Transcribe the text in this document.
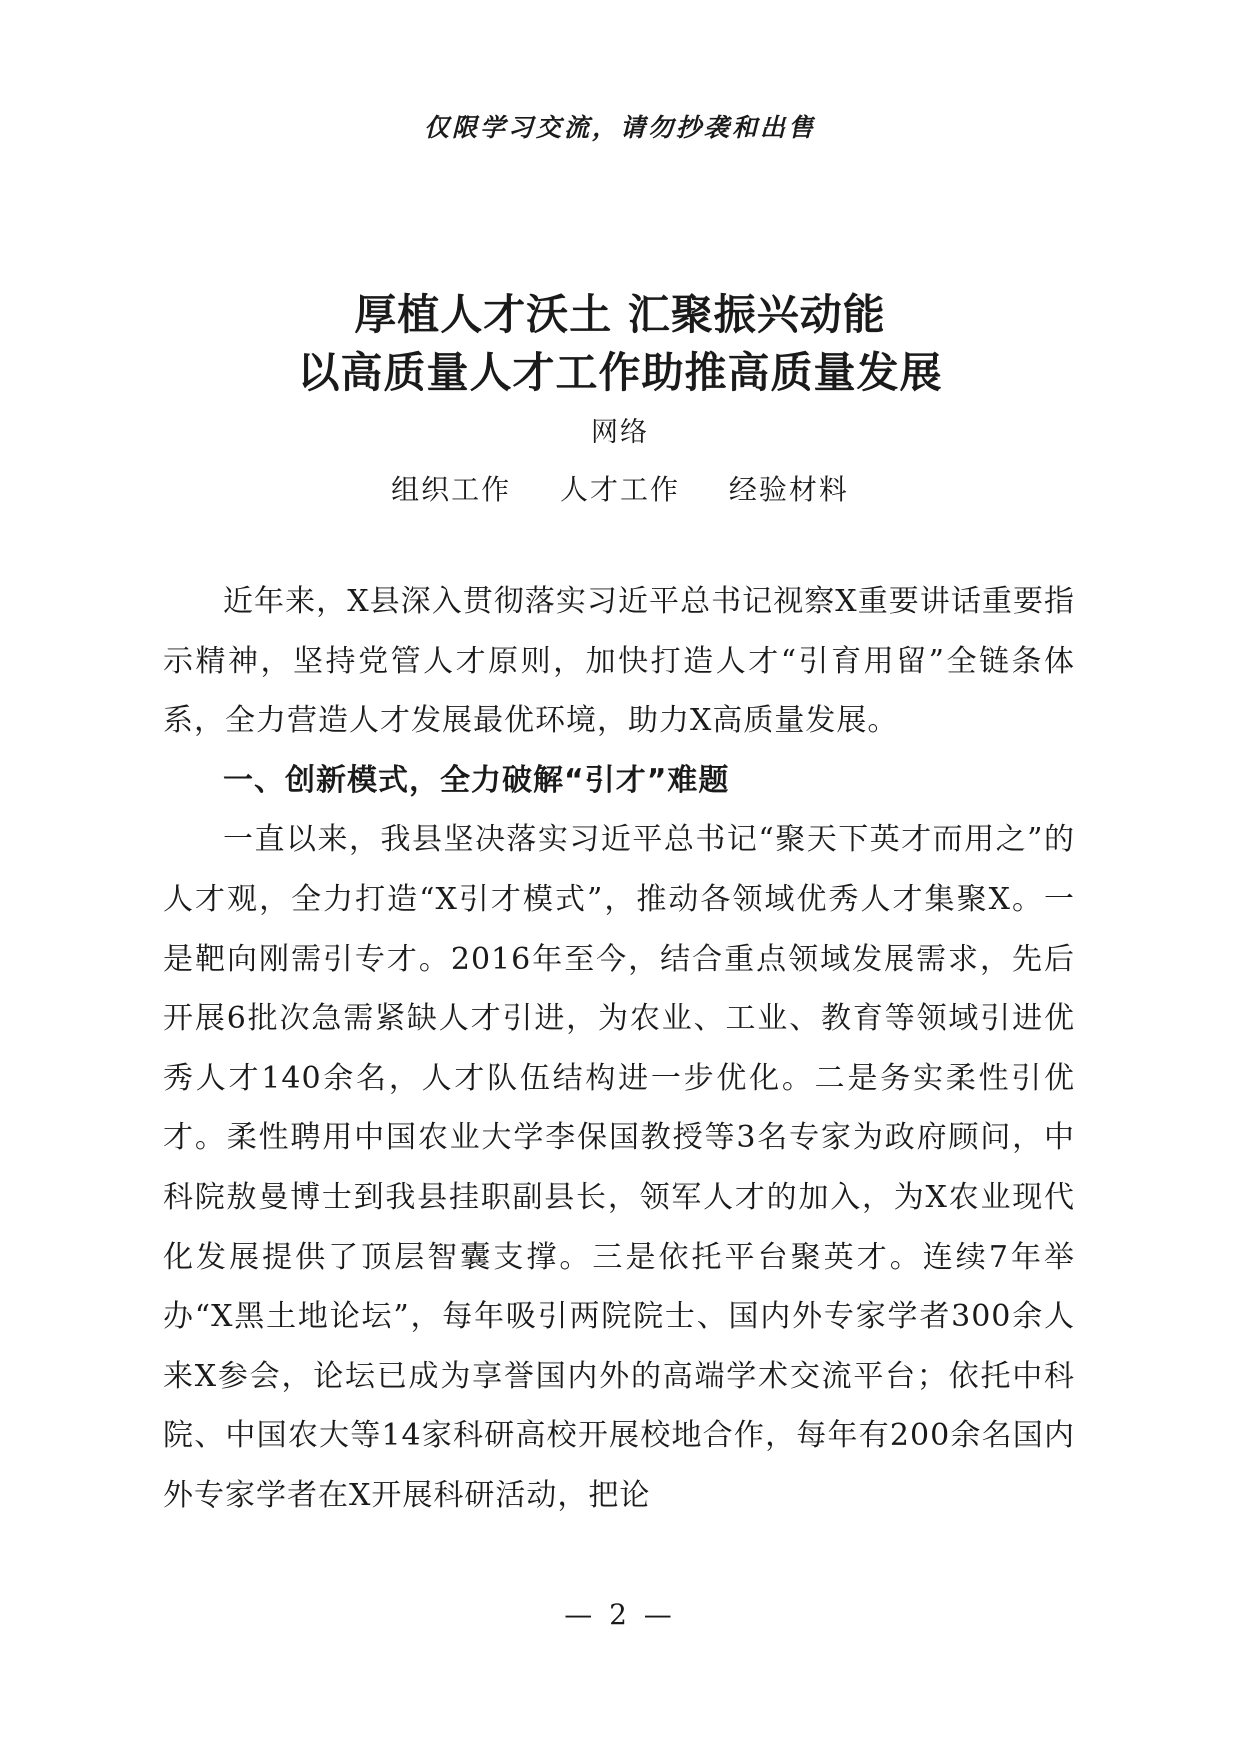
仅限学习交流，请勿抄袭和出售
厚植人才沃土 汇聚振兴动能
以高质量人才工作助推高质量发展
网络
组织工作 人才工作 经验材料

近年来，X县深入贯彻落实习近平总书记视察X重要讲话重要指示精神，坚持党管人才原则，加快打造人才“引育用留”全链条体系，全力营造人才发展最优环境，助力X高质量发展。

一、创新模式，全力破解“引才”难题

一直以来，我县坚决落实习近平总书记“聚天下英才而用之”的人才观，全力打造“X引才模式”，推动各领域优秀人才集聚X。一是靶向刚需引专才。2016年至今，结合重点领域发展需求，先后开展6批次急需紧缺人才引进，为农业、工业、教育等领域引进优秀人才140余名，人才队伍结构进一步优化。二是务实柔性引优才。柔性聘用中国农业大学李保国教授等3名专家为政府顾问，中科院敖曼博士到我县挂职副县长，领军人才的加入，为X农业现代化发展提供了顶层智囊支撑。三是依托平台聚英才。连续7年举办“X黑土地论坛”，每年吸引两院院士、国内外专家学者300余人来X参会，论坛已成为享誉国内外的高端学术交流平台；依托中科院、中国农大等14家科研高校开展校地合作，每年有200余名国内外专家学者在X开展科研活动，把论

— 2 —
